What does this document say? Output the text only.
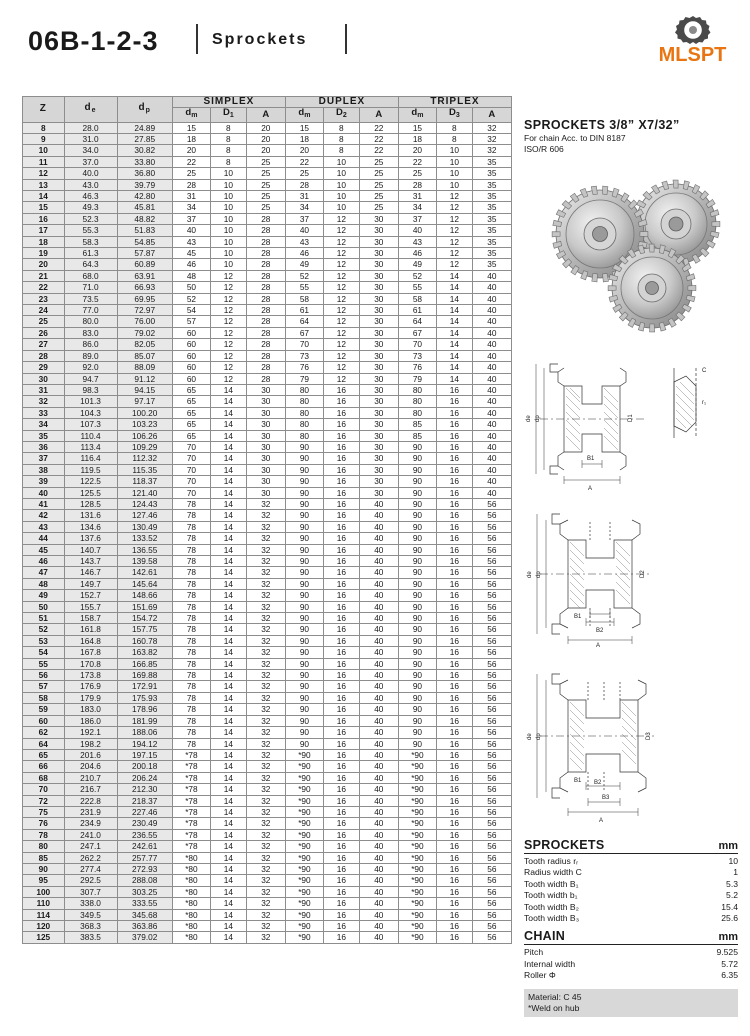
06B-1-2-3	Sprockets
MLSPT
Z	$d_e$	$d_p$	SIMPLEX			DUPLEX			TRIPLEX		
			$d_m$	$D_1$	A	$d_m$	$D_2$	A	$d_m$	$D_3$	A
8	28.0	24.89	15	8	20	15	8	22	15	8	32
9	31.0	27.85	18	8	20	18	8	22	18	8	32
10	34.0	30.82	20	8	20	20	8	22	20	10	32
11	37.0	33.80	22	8	25	22	10	25	22	10	35
12	40.0	36.80	25	10	25	25	10	25	25	10	35
13	43.0	39.79	28	10	25	28	10	25	28	10	35
14	46.3	42.80	31	10	25	31	10	25	31	12	35
15	49.3	45.81	34	10	25	34	10	25	34	12	35
16	52.3	48.82	37	10	28	37	12	30	37	12	35
17	55.3	51.83	40	10	28	40	12	30	40	12	35
18	58.3	54.85	43	10	28	43	12	30	43	12	35
19	61.3	57.87	45	10	28	46	12	30	46	12	35
20	64.3	60.89	46	10	28	49	12	30	49	12	35
21	68.0	63.91	48	12	28	52	12	30	52	14	40
22	71.0	66.93	50	12	28	55	12	30	55	14	40
23	73.5	69.95	52	12	28	58	12	30	58	14	40
24	77.0	72.97	54	12	28	61	12	30	61	14	40
25	80.0	76.00	57	12	28	64	12	30	64	14	40
26	83.0	79.02	60	12	28	67	12	30	67	14	40
27	86.0	82.05	60	12	28	70	12	30	70	14	40
28	89.0	85.07	60	12	28	73	12	30	73	14	40
29	92.0	88.09	60	12	28	76	12	30	76	14	40
30	94.7	91.12	60	12	28	79	12	30	79	14	40
31	98.3	94.15	65	14	30	80	16	30	80	16	40
32	101.3	97.17	65	14	30	80	16	30	80	16	40
33	104.3	100.20	65	14	30	80	16	30	80	16	40
34	107.3	103.23	65	14	30	80	16	30	85	16	40
35	110.4	106.26	65	14	30	80	16	30	85	16	40
36	113.4	109.29	70	14	30	90	16	30	90	16	40
37	116.4	112.32	70	14	30	90	16	30	90	16	40
38	119.5	115.35	70	14	30	90	16	30	90	16	40
39	122.5	118.37	70	14	30	90	16	30	90	16	40
40	125.5	121.40	70	14	30	90	16	30	90	16	40
41	128.5	124.43	78	14	32	90	16	40	90	16	56
42	131.6	127.46	78	14	32	90	16	40	90	16	56
43	134.6	130.49	78	14	32	90	16	40	90	16	56
44	137.6	133.52	78	14	32	90	16	40	90	16	56
45	140.7	136.55	78	14	32	90	16	40	90	16	56
46	143.7	139.58	78	14	32	90	16	40	90	16	56
47	146.7	142.61	78	14	32	90	16	40	90	16	56
48	149.7	145.64	78	14	32	90	16	40	90	16	56
49	152.7	148.66	78	14	32	90	16	40	90	16	56
50	155.7	151.69	78	14	32	90	16	40	90	16	56
51	158.7	154.72	78	14	32	90	16	40	90	16	56
52	161.8	157.75	78	14	32	90	16	40	90	16	56
53	164.8	160.78	78	14	32	90	16	40	90	16	56
54	167.8	163.82	78	14	32	90	16	40	90	16	56
55	170.8	166.85	78	14	32	90	16	40	90	16	56
56	173.8	169.88	78	14	32	90	16	40	90	16	56
57	176.9	172.91	78	14	32	90	16	40	90	16	56
58	179.9	175.93	78	14	32	90	16	40	90	16	56
59	183.0	178.96	78	14	32	90	16	40	90	16	56
60	186.0	181.99	78	14	32	90	16	40	90	16	56
62	192.1	188.06	78	14	32	90	16	40	90	16	56
64	198.2	194.12	78	14	32	90	16	40	90	16	56
65	201.6	197.15	*78	14	32	*90	16	40	*90	16	56
66	204.6	200.18	*78	14	32	*90	16	40	*90	16	56
68	210.7	206.24	*78	14	32	*90	16	40	*90	16	56
70	216.7	212.30	*78	14	32	*90	16	40	*90	16	56
72	222.8	218.37	*78	14	32	*90	16	40	*90	16	56
75	231.9	227.46	*78	14	32	*90	16	40	*90	16	56
76	234.9	230.49	*78	14	32	*90	16	40	*90	16	56
78	241.0	236.55	*78	14	32	*90	16	40	*90	16	56
80	247.1	242.61	*78	14	32	*90	16	40	*90	16	56
85	262.2	257.77	*80	14	32	*90	16	40	*90	16	56
90	277.4	272.93	*80	14	32	*90	16	40	*90	16	56
95	292.5	288.08	*80	14	32	*90	16	40	*90	16	56
100	307.7	303.25	*80	14	32	*90	16	40	*90	16	56
110	338.0	333.55	*80	14	32	*90	16	40	*90	16	56
114	349.5	345.68	*80	14	32	*90	16	40	*90	16	56
120	368.3	363.86	*80	14	32	*90	16	40	*90	16	56
125	383.5	379.02	*80	14	32	*90	16	40	*90	16	56
SPROCKETS 3/8” X7/32”
For chain Acc. to DIN 8187
ISO/R 606
de dp	D1
A
B1
C
r₁
de dp	D2
A
B1
B2
de dp	D3
A
B1 B2
B3
SPROCKETS	mm
Tooth radius rᵣ	10
Radius width C	1
Tooth width B₁	5.3
Tooth width b₁	5.2
Tooth width B₂	15.4
Tooth width B₃	25.6
CHAIN	mm
Pitch	9.525
Internal width	5.72
Roller Φ	6.35
Material: C 45
*Weld on hub
